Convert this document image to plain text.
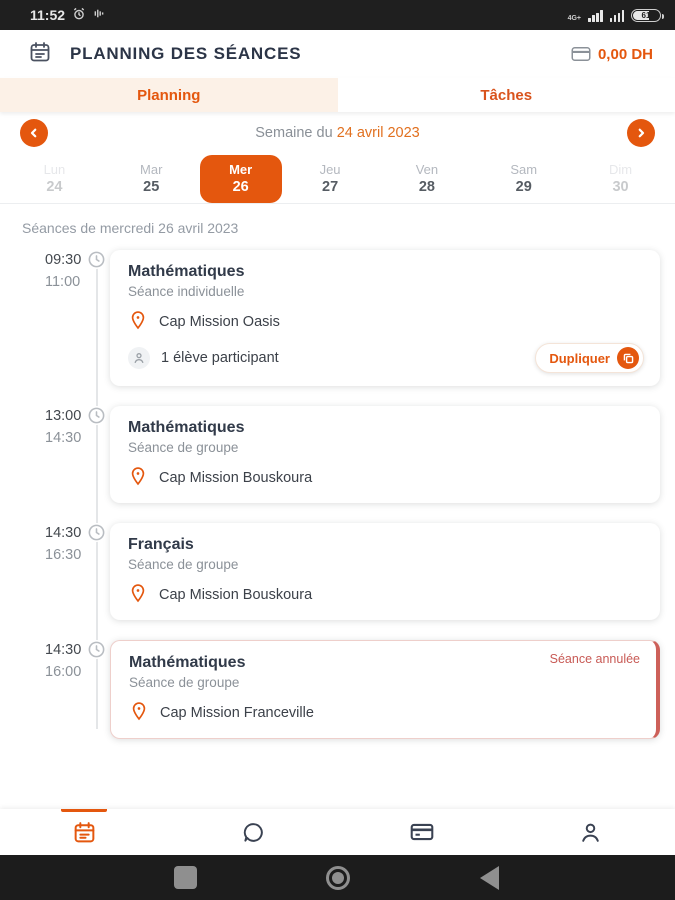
11:52	4G+	61
PLANNING DES SÉANCES	0,00 DH
Planning	Tâches
Semaine du 24 avril 2023
Lun
24
Mar
25
Mer
26
Jeu
27
Ven
28
Sam
29
Dim
30
Séances de mercredi 26 avril 2023
09:30
11:00
Mathématiques
Séance individuelle
Cap Mission Oasis
1 élève participant	Dupliquer
13:00
14:30
Mathématiques
Séance de groupe
Cap Mission Bouskoura
14:30
16:30
Français
Séance de groupe
Cap Mission Bouskoura
14:30
16:00
Mathématiques
Séance de groupe
Cap Mission Franceville
Séance annulée
